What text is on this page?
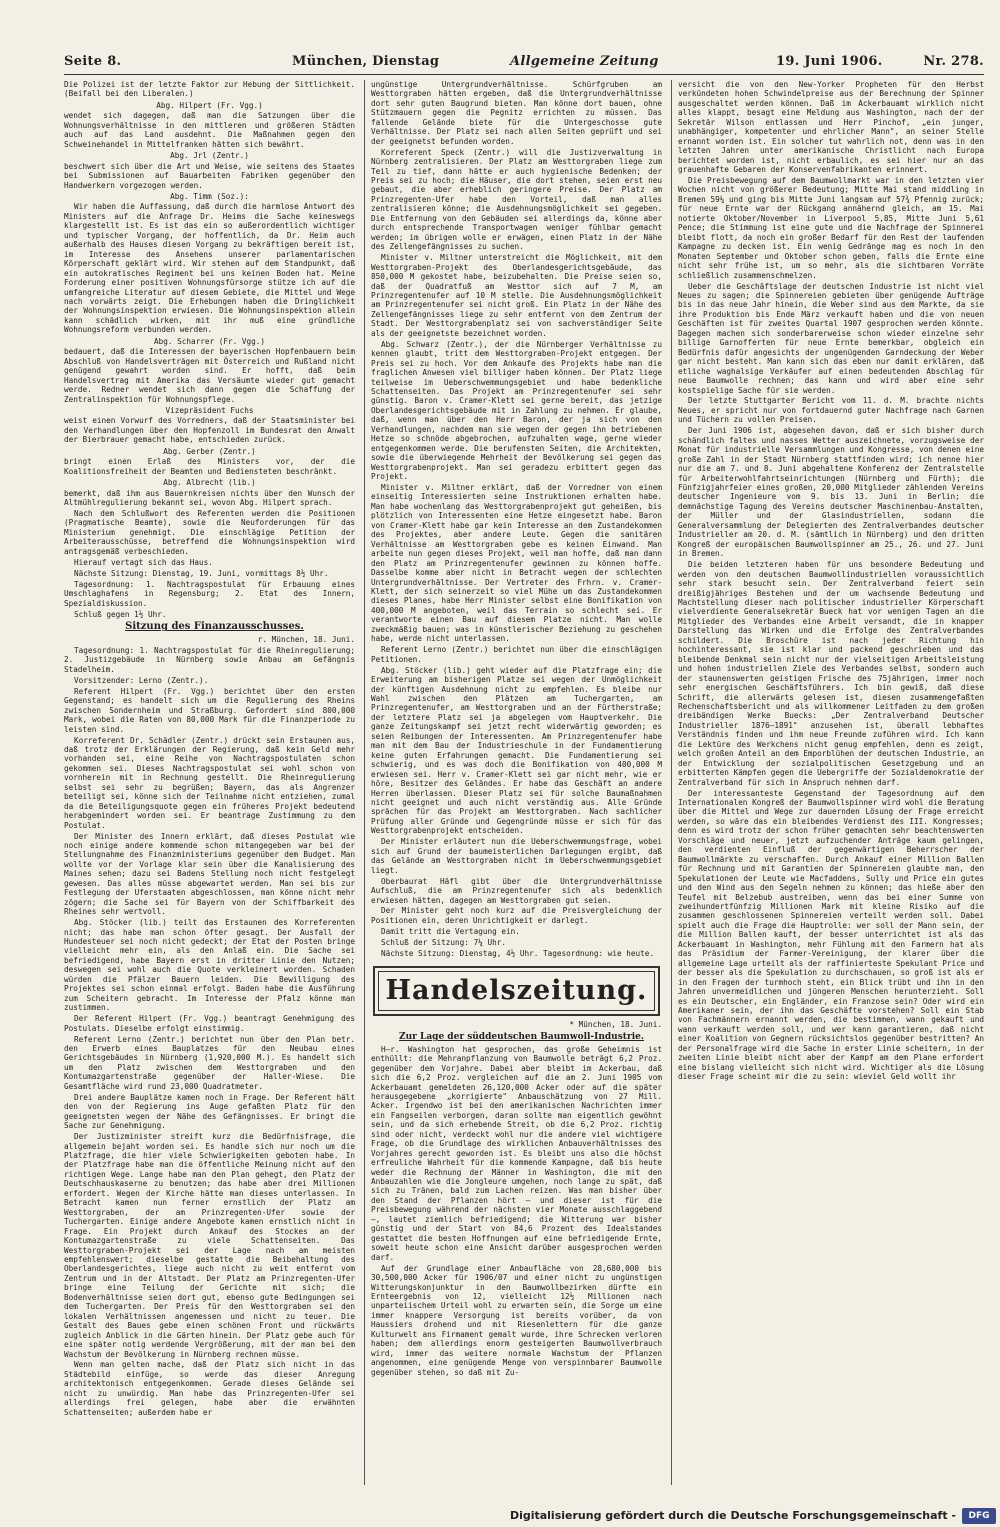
Seite 8.	München, Dienstag	Allgemeine Zeitung	19. Juni 1906.	Nr. 278.

Die Polizei ist der letzte Faktor zur Hebung der Sittlichkeit. (Beifall bei den Liberalen.)

Abg. Hilpert (Fr. Vgg.)

wendet sich dagegen, daß man die Satzungen über die Wohnungsverhältnisse in den mittleren und größeren Städten auch auf das Land ausdehnt. Die Maßnahmen gegen den Schweinehandel in Mittelfranken hätten sich bewährt.

Abg. Jrl (Zentr.)

beschwert sich über die Art und Weise, wie seitens des Staates bei Submissionen auf Bauarbeiten Fabriken gegenüber den Handwerkern vorgezogen werden.

Abg. Timm (Soz.):

Wir haben die Auffassung, daß durch die harmlose Antwort des Ministers auf die Anfrage Dr. Heims die Sache keineswegs klargestellt ist. Es ist das ein so außerordentlich wichtiger und typischer Vorgang, der hoffentlich, da Dr. Heim auch außerhalb des Hauses diesen Vorgang zu bekräftigen bereit ist, im Interesse des Ansehens unserer parlamentarischen Körperschaft geklärt wird. Wir stehen auf dem Standpunkt, daß ein autokratisches Regiment bei uns keinen Boden hat. Meine Forderung einer positiven Wohnungsfürsorge stütze ich auf die umfangreiche Literatur auf diesem Gebiete, die Mittel und Wege nach vorwärts zeigt. Die Erhebungen haben die Dringlichkeit der Wohnungsinspektion erwiesen. Die Wohnungsinspektion allein kann schädlich wirken, mit ihr muß eine gründliche Wohnungsreform verbunden werden.

Abg. Scharrer (Fr. Vgg.)

bedauert, daß die Interessen der bayerischen Hopfenbauern beim Abschluß von Handelsverträgen mit Österreich und Rußland nicht genügend gewahrt worden sind. Er hofft, daß beim Handelsvertrag mit Amerika das Versäumte wieder gut gemacht werde. Redner wendet sich dann gegen die Schaffung der Zentralinspektion für Wohnungspflege.

Vizepräsident Fuchs

weist einen Vorwurf des Vorredners, daß der Staatsminister bei den Verhandlungen über den Hopfenzoll im Bundesrat den Anwalt der Bierbrauer gemacht habe, entschieden zurück.

Abg. Gerber (Zentr.)

bringt einen Erlaß des Ministers vor, der die Koalitionsfreiheit der Beamten und Bediensteten beschränkt.

Abg. Albrecht (lib.)

bemerkt, daß ihm aus Bauernkreisen nichts über den Wunsch der Altmühlregulierung bekannt sei, wovon Abg. Hilpert sprach.

Nach dem Schlußwort des Referenten werden die Positionen (Pragmatische Beamte), sowie die Neuforderungen für das Ministerium genehmigt. Die einschlägige Petition der Arbeiterausschüsse, betreffend die Wohnungsinspektion wird antragsgemäß verbeschieden.

Hierauf vertagt sich das Haus.

Nächste Sitzung: Dienstag, 19. Juni, vormittags 8½ Uhr.

Tagesordnung: 1. Nachtragspostulat für Erbauung eines Umschlaghafens in Regensburg; 2. Etat des Innern, Spezialdiskussion.

Schluß gegen 1½ Uhr.

Sitzung des Finanzausschusses.

r. München, 18. Juni.

Tagesordnung: 1. Nachtragspostulat für die Rheinregulierung; 2. Justizgebäude in Nürnberg sowie Anbau am Gefängnis Stadelheim.

Vorsitzender: Lerno (Zentr.).

Referent Hilpert (Fr. Vgg.) berichtet über den ersten Gegenstand; es handelt sich um die Regulierung des Rheins zwischen Sondernheim und Straßburg. Gefordert sind 800,000 Mark, wobei die Raten von 80,000 Mark für die Finanzperiode zu leisten sind.

Korreferent Dr. Schädler (Zentr.) drückt sein Erstaunen aus, daß trotz der Erklärungen der Regierung, daß kein Geld mehr vorhanden sei, eine Reihe von Nachtragspostulaten schon gekommen sei. Dieses Nachtragspostulat sei wohl schon von vornherein mit in Rechnung gestellt. Die Rheinregulierung selbst sei sehr zu begrüßen; Bayern, das als Angrenzer beteiligt sei, könne sich der Teilnahme nicht entziehen, zumal da die Beteiligungsquote gegen ein früheres Projekt bedeutend herabgemindert worden sei. Er beantrage Zustimmung zu dem Postulat.

Der Minister des Innern erklärt, daß dieses Postulat wie noch einige andere kommende schon mitangegeben war bei der Stellungnahme des Finanzministeriums gegenüber dem Budget. Man wollte vor der Vorlage klar sein über die Kanalisierung des Maines sehen; dazu sei Badens Stellung noch nicht festgelegt gewesen. Das alles müsse abgewartet werden. Man sei bis zur Festlegung der Uferstaaten abgeschlossen, man könne nicht mehr zögern; die Sache sei für Bayern von der Schiffbarkeit des Rheines sehr wertvoll.

Abg. Stöcker (lib.) teilt das Erstaunen des Korreferenten nicht; das habe man schon öfter gesagt. Der Ausfall der Hundesteuer sei noch nicht gedeckt; der Etat der Posten bringe vielleicht mehr ein, als den Anlaß ein. Die Sache sei befriedigend, habe Bayern erst in dritter Linie den Nutzen; deswegen sei wohl auch die Quote verkleinert worden. Schaden würden die Pfälzer Bauern leiden. Die Bewilligung des Projektes sei schon einmal erfolgt. Baden habe die Ausführung zum Scheitern gebracht. Im Interesse der Pfalz könne man zustimmen.

Der Referent Hilpert (Fr. Vgg.) beantragt Genehmigung des Postulats. Dieselbe erfolgt einstimmig.

Referent Lerno (Zentr.) berichtet nun über den Plan betr. den Erwerb eines Bauplatzes für den Neubau eines Gerichtsgebäudes in Nürnberg (1,920,000 M.). Es handelt sich um den Platz zwischen dem Westtorgraben und den Kontumazgartenstraße gegenüber der Haller-Wiese. Die Gesamtfläche wird rund 23,000 Quadratmeter.

Drei andere Bauplätze kamen noch in Frage. Der Referent hält den von der Regierung ins Auge gefaßten Platz für den geeignetsten wegen der Nähe des Gefängnisses. Er bringt die Sache zur Genehmigung.

Der Justizminister streift kurz die Bedürfnisfrage, die allgemein bejaht worden sei. Es handle sich nur noch um die Platzfrage, die hier viele Schwierigkeiten geboten habe. In der Platzfrage habe man die öffentliche Meinung nicht auf den richtigen Wege. Lange habe man den Plan gehegt, den Platz der Deutschhauskaserne zu benutzen; das habe aber drei Millionen erfordert. Wegen der Kirche hätte man dieses unterlassen. In Betracht kamen nun ferner ernstlich der Platz am Westtorgraben, der am Prinzregenten-Ufer sowie der Tuchergarten. Einige andere Angebote kamen ernstlich nicht in Frage. Ein Projekt durch Ankauf des Stockes an der Kontumazgartenstraße zu viele Schattenseiten. Das Westtorgraben-Projekt sei der Lage nach am meisten empfehlenswert; dieselbe gestatte die Beibehaltung des Oberlandesgerichtes, liege auch nicht zu weit entfernt vom Zentrum und in der Altstadt. Der Platz am Prinzregenten-Ufer bringe eine Teilung der Gerichte mit sich; die Bodenverhältnisse seien dort gut, ebenso gute Bedingungen sei dem Tuchergarten. Der Preis für den Westtorgraben sei den lokalen Verhältnissen angemessen und nicht zu teuer. Die Gestalt des Baues gebe einen schönen Front und rückwärts zugleich Anblick in die Gärten hinein. Der Platz gebe auch für eine später notig werdende Vergrößerung, mit der man bei dem Wachstum der Bevölkerung in Nürnberg rechnen müsse.

Wenn man gelten mache, daß der Platz sich nicht in das Städtebild einfüge, so werde das dieser Anregung architektonisch entgegenkommen. Gerade dieses Gelände sei nicht zu unwürdig. Man habe das Prinzregenten-Ufer sei allerdings frei gelegen, habe aber die erwähnten Schattenseiten; außerdem habe er

ungünstige Untergrundverhältnisse. Schürfgruben am Westtorgraben hätten ergeben, daß die Untergrundverhältnisse dort sehr guten Baugrund bieten. Man könne dort bauen, ohne Stützmauern gegen die Pegnitz errichten zu müssen. Das fallende Gelände biete für die Untergeschosse gute Verhältnisse. Der Platz sei nach allen Seiten geprüft und sei der geeignetst befunden worden.

Korreferent Speck (Zentr.) will die Justizverwaltung in Nürnberg zentralisieren. Der Platz am Westtorgraben liege zum Teil zu tief, dann hätte er auch hygienische Bedenken; der Preis sei zu hoch; die Häuser, die dort stehen, seien erst neu gebaut, die aber erheblich geringere Preise. Der Platz am Prinzregenten-Ufer habe den Vorteil, daß man alles zentralisieren könne; die Ausdehnungsmöglichkeit sei gegeben. Die Entfernung von den Gebäuden sei allerdings da, könne aber durch entsprechende Transportwagen weniger fühlbar gemacht werden; im übrigen wolle er erwägen, einen Platz in der Nähe des Zellengefängnisses zu suchen.

Minister v. Miltner unterstreicht die Möglichkeit, mit dem Westtorgraben-Projekt des Oberlandesgerichtsgebäude, das 850,000 M gekostet habe, beizubehalten. Die Preise seien so, daß der Quadratfuß am Westtor sich auf 7 M, am Prinzregentenufer auf 10 M stelle. Die Ausdehnungsmöglichkeit am Prinzregentenufer sei nicht groß. Ein Platz in der Nähe des Zellengefängnisses liege zu sehr entfernt von dem Zentrum der Stadt. Der Westtorgrabenplatz sei von sachverständiger Seite als der geeignetste bezeichnet worden.

Abg. Schwarz (Zentr.), der die Nürnberger Verhältnisse zu kennen glaubt, tritt dem Westtorgraben-Projekt entgegen. Der Preis sei zu hoch. Vor dem Ankaufe des Projekts habe man die fraglichen Anwesen viel billiger haben können. Der Platz liege teilweise im Ueberschwemmungsgebiet und habe bedenkliche Schattenseiten. Das Projekt am Prinzregentenufer sei sehr günstig. Baron v. Cramer-Klett sei gerne bereit, das jetzige Oberlandesgerichtsgebäude mit in Zahlung zu nehmen. Er glaube, daß, wenn man über den Herr Baron, der ja sich von den Verhandlungen, nachdem man sie wegen der gegen ihn betriebenen Hetze so schnöde abgebrochen, aufzuhalten wage, gerne wieder entgegenkommen werde. Die berufensten Seiten, die Architekten, sowie die überwiegende Mehrheit der Bevölkerung sei gegen das Westtorgrabenprojekt. Man sei geradezu erbittert gegen das Projekt.

Minister v. Miltner erklärt, daß der Vorredner von einem einseitig Interessierten seine Instruktionen erhalten habe. Man habe wochenlang das Westtorgrabenprojekt gut geheißen, bis plötzlich von Interessenten eine Hetze eingesetzt habe. Baron von Cramer-Klett habe gar kein Interesse an dem Zustandekommen des Projektes, aber andere Leute. Gegen die sanitären Verhältnisse am Westtorgraben gebe es keinen Einwand. Man arbeite nun gegen dieses Projekt, weil man hoffe, daß man dann den Platz am Prinzregentenufer gewinnen zu können hoffe. Dasselbe komme aber nicht in Betracht wegen der schlechten Untergrundverhältnisse. Der Vertreter des Frhrn. v. Cramer-Klett, der sich seinerzeit so viel Mühe um das Zustandekommen dieses Planes, habe Herr Minister selbst eine Bonifikation von 400,000 M angeboten, weil das Terrain so schlecht sei. Er verantworte einen Bau auf diesem Platze nicht. Man wolle zweckmäßig bauen; was in künstlerischer Beziehung zu geschehen habe, werde nicht unterlassen.

Referent Lerno (Zentr.) berichtet nun über die einschlägigen Petitionen.

Abg. Stöcker (lib.) geht wieder auf die Platzfrage ein; die Erweiterung am bisherigen Platze sei wegen der Unmöglichkeit der künftigen Ausdehnung nicht zu empfehlen. Es bleibe nur Wahl zwischen den Plätzen am Tuchergarten, am Prinzregentenufer, am Westtorgraben und an der Fürtherstraße; der letztere Platz sei ja abgelegen vom Hauptverkehr. Die ganze Zeitungskampf sei jetzt recht widerwärtig geworden; es seien Reibungen der Interessenten. Am Prinzregentenufer habe man mit dem Bau der Industrieschule in der Fundamentierung keine guten Erfahrungen gemacht. Die Fundamentierung sei schwierig, und es was doch die Bonifikation von 400,000 M erwiesen sei. Herr v. Cramer-Klett sei gar nicht mehr, wie er höre, Besitzer des Geländes. Er habe das Geschäft an andere Herren überlassen. Dieser Platz sei für solche Baumaßnahmen nicht geeignet und auch nicht verständig aus. Alle Gründe sprächen für das Projekt am Westtorgraben. Nach sachlicher Prüfung aller Gründe und Gegengründe müsse er sich für das Westtorgrabenprojekt entscheiden.

Der Minister erläutert nun die Ueberschwemmungsfrage, wobei sich auf Grund der baumeisterlichen Darlegungen ergibt, daß das Gelände am Westtorgraben nicht im Ueberschwemmungsgebiet liegt.

Oberbaurat Häfl gibt über die Untergrundverhältnisse Aufschluß, die am Prinzregentenufer sich als bedenklich erwiesen hätten, dagegen am Westtorgraben gut seien.

Der Minister geht noch kurz auf die Preisvergleichung der Positionen ein, deren Unrichtigkeit er darlegt.

Damit tritt die Vertagung ein.

Schluß der Sitzung: 7¼ Uhr.

Nächste Sitzung: Dienstag, 4½ Uhr. Tagesordnung: wie heute.

Handelszeitung.

* München, 18. Juni.

Zur Lage der süddeutschen Baumwoll-Industrie.

H—r. Washington hat gesprochen, das große Geheimnis ist enthüllt: die Mehranpflanzung von Baumwolle beträgt 6,2 Proz. gegenüber dem Vorjahre. Dabei aber bleibt im Ackerbau, daß sich die 6,2 Proz. vergleichen auf die am 2. Juni 1905 vom Ackerbauamt gemeldeten 26,120,000 Acker oder auf die später herausgegebene „korrigierte" Anbauschätzung von 27 Mill. Acker. Irgendwo ist bei den amerikanischen Nachrichten immer ein Fangseilen verborgen, daran sollte man eigentlich gewöhnt sein, und da sich erhebende Streit, ob die 6,2 Proz. richtig sind oder nicht, verdeckt wohl nur die andere viel wichtigere Frage, ob die Grundlage des wirklichen Anbauverhältnisses des Vorjahres gerecht geworden ist. Es bleibt uns also die höchst erfreuliche Wahrheit für die kommende Kampagne, daß bis heute weder die Rechnung der Männer in Washington, die mit den Anbauzahlen wie die Jongleure umgehen, noch lange zu spät, daß sich zu Tränen, bald zum Lachen reizen. Was man bisher über den Stand der Pflanzen hört — und dieser ist für die Preisbewegung während der nächsten vier Monate ausschlaggebend —, lautet ziemlich befriedigend; die Witterung war bisher günstig und der Start von 84,6 Prozent des Idealstandes gestattet die besten Hoffnungen auf eine befriedigende Ernte, soweit heute schon eine Ansicht darüber ausgesprochen werden darf.

Auf der Grundlage einer Anbaufläche von 28,680,000 bis 30,500,000 Acker für 1906/07 und einer nicht zu ungünstigen Witterungskonjunktur in den Baumwollbezirken dürfte ein Ernteergebnis von 12, vielleicht 12½ Millionen nach unparteiischem Urteil wohl zu erwarten sein, die Sorge um eine immer knappere Versorgung ist bereits vorüber, da von Haussiers drohend und mit Riesenlettern für die ganze Kulturwelt ans Firmament gemalt wurde, ihre Schrecken verloren haben; dem allerdings enorm gesteigerten Baumwollverbrauch wird, immer das weitere normale Wachstum der Pflanzen angenommen, eine genügende Menge von verspinnbarer Baumwolle gegenüber stehen, so daß mit Zu-

versicht die von den New-Yorker Propheten für den Herbst verkündeten hohen Schwindelpreise aus der Berechnung der Spinner ausgeschaltet werden können. Daß im Ackerbauamt wirklich nicht alles klappt, besagt eine Meldung aus Washington, nach der der Sekretär Wilson entlassen und Herr Pinchof, „ein junger, unabhängiger, kompetenter und ehrlicher Mann", an seiner Stelle ernannt worden ist. Ein solcher tut wahrlich not, denn was in den letzten Jahren unter amerikanische Christlicht nach Europa berichtet worden ist, nicht erbaulich, es sei hier nur an das grauenhafte Gebaren der Konservenfabrikanten erinnert.

Die Preisbewegung auf dem Baumwollmarkt war in den letzten vier Wochen nicht von größerer Bedeutung; Mitte Mai stand middling in Bremen 59¼ und ging bis Mitte Juni langsam auf 57¾ Pfennig zurück; für neue Ernte war der Rückgang annähernd gleich, am 15. Mai notierte Oktober/November in Liverpool 5,85, Mitte Juni 5,61 Pence; die Stimmung ist eine gute und die Nachfrage der Spinnerei bleibt flott, da noch ein großer Bedarf für den Rest der laufenden Kampagne zu decken ist. Ein wenig Gedränge mag es noch in den Monaten September und Oktober schon geben, falls die Ernte eine nicht sehr frühe ist, um so mehr, als die sichtbaren Vorräte schließlich zusammenschmelzen.

Ueber die Geschäftslage der deutschen Industrie ist nicht viel Neues zu sagen; die Spinnereien gebieten über genügende Aufträge bis in das neue Jahr hinein, die Weber sind aus dem Markte, da sie ihre Produktion bis Ende März verkauft haben und die von neuen Geschäften ist für zweites Quartal 1907 gesprochen werden könnte. Dagegen machen sich sonderbarerweise schon wieder einzelne sehr billige Garnofferten für neue Ernte bemerkbar, obgleich ein Bedürfnis dafür angesichts der ungenügenden Garndeckung der Weber gar nicht besteht. Man kann sich das eben nur damit erklären, daß etliche waghalsige Verkäufer auf einen bedeutenden Abschlag für neue Baumwolle rechnen; das kann und wird aber eine sehr kostspielige Sache für sie werden.

Der letzte Stuttgarter Bericht vom 11. d. M. brachte nichts Neues, er spricht nur von fortdauernd guter Nachfrage nach Garnen und Tüchern zu vollen Preisen.

Der Juni 1906 ist, abgesehen davon, daß er sich bisher durch schändlich faltes und nasses Wetter auszeichnete, vorzugsweise der Monat für industrielle Versammlungen und Kongresse, von denen eine große Zahl in der Stadt Nürnberg stattfinden wird; ich nenne hier nur die am 7. und 8. Juni abgehaltene Konferenz der Zentralstelle für Arbeiterwohlfahrtseinrichtungen (Nürnberg und Fürth); die Fünfzigjahrfeier eines großen, 20,000 Mitglieder zählenden Vereins deutscher Ingenieure vom 9. bis 13. Juni in Berlin; die demnächstige Tagung des Vereins deutscher Maschinenbau-Anstalten, der Müller und der Glasindustriellen, sodann die Generalversammlung der Delegierten des Zentralverbandes deutscher Industrieller am 20. d. M. (sämtlich in Nürnberg) und den dritten Kongreß der europäischen Baumwollspinner am 25., 26. und 27. Juni in Bremen.

Die beiden letzteren haben für uns besondere Bedeutung und werden von den deutschen Baumwollindustriellen voraussichtlich sehr stark besucht sein. Der Zentralverband feiert sein dreißigjähriges Bestehen und der um wachsende Bedeutung und Machtstellung dieser nach politischer industrieller Körperschaft vielverdiente Generalsekretär Bueck hat vor wenigen Tagen an die Mitglieder des Verbandes eine Arbeit versandt, die in knapper Darstellung das Wirken und die Erfolge des Zentralverbandes schildert. Die Broschüre ist nach jeder Richtung hin hochinteressant, sie ist klar und packend geschrieben und das bleibende Denkmal sein nicht nur der vielseitigen Arbeitsleistung und hohen industriellen Ziele des Verbandes selbst, sondern auch der staunenswerten geistigen Frische des 75jährigen, immer noch sehr energischen Geschäftsführers. Ich bin gewiß, daß diese Schrift, die allerwärts gelesen ist, diesen zusammengefaßten Rechenschaftsbericht und als willkommener Leitfaden zu dem großen dreibändigen Werke Buecks: „Der Zentralverband Deutscher Industrieller 1876—1891" anzusehen ist, überall lebhaftes Verständnis finden und ihm neue Freunde zuführen wird. Ich kann die Lektüre des Werkchens nicht genug empfehlen, denn es zeigt, welch großen Anteil an dem Emporblühen der deutschen Industrie, an der Entwicklung der sozialpolitischen Gesetzgebung und an erbitterten Kämpfen gegen die Uebergriffe der Sozialdemokratie der Zentralverband für sich in Anspruch nehmen darf.

Der interessanteste Gegenstand der Tagesordnung auf dem Internationalen Kongreß der Baumwollspinner wird wohl die Beratung über die Mittel und Wege zur dauernden Lösung der Frage erreicht werden, so wäre das ein bleibendes Verdienst des III. Kongresses; denn es wird trotz der schon früher gemachten sehr beachtenswerten Vorschläge und neuer, jetzt aufzuchender Anträge kaum gelingen, den verdienten Einfluß der gegenwärtigen Beherrscher der Baumwollmärkte zu verschaffen. Durch Ankauf einer Million Ballen für Rechnung und mit Garantien der Spinnereien glaubte man, den Spekulationen der Leute wie Macfaddens, Sully und Price ein gutes und den Wind aus den Segeln nehmen zu können; das hieße aber den Teufel mit Belzebub austreiben, wenn das bei einer Summe von zweihundertfünfzig Millionen Mark mit kleine Risiko auf die zusammen geschlossenen Spinnereien verteilt werden soll. Dabei spielt auch die Frage die Hauptrolle: wer soll der Mann sein, der die Million Ballen kauft, der besser unterrichtet ist als das Ackerbauamt in Washington, mehr Fühlung mit den Farmern hat als das Präsidium der Farmer-Vereinigung, der klarer über die allgemeine Lage urteilt als der raffinierteste Spekulant Price und der besser als die Spekulation zu durchschauen, so groß ist als er in den Fragen der turmhoch steht, ein Blick trübt und ihn in den Jahren unvermeidlichen und jüngeren Menschen herunterzieht. Soll es ein Deutscher, ein Engländer, ein Franzose sein? Oder wird ein Amerikaner sein, der ihn das Geschäfte vorstehen? Soll ein Stab von Fachmännern ernannt werden, die bestimmen, wann gekauft und wann verkauft werden soll, und wer kann garantieren, daß nicht einer Koalition von Gegnern rücksichtslos gegenüber bestritten? An der Personalfrage wird die Sache in erster Linie scheitern, in der zweiten Linie bleibt nicht aber der Kampf am dem Plane erfordert eine bislang vielleicht sich nicht wird. Wichtiger als die Lösung dieser Frage scheint mir die zu sein: wieviel Geld wollt ihr

Digitalisierung gefördert durch die Deutsche Forschungsgemeinschaft -	DFG
